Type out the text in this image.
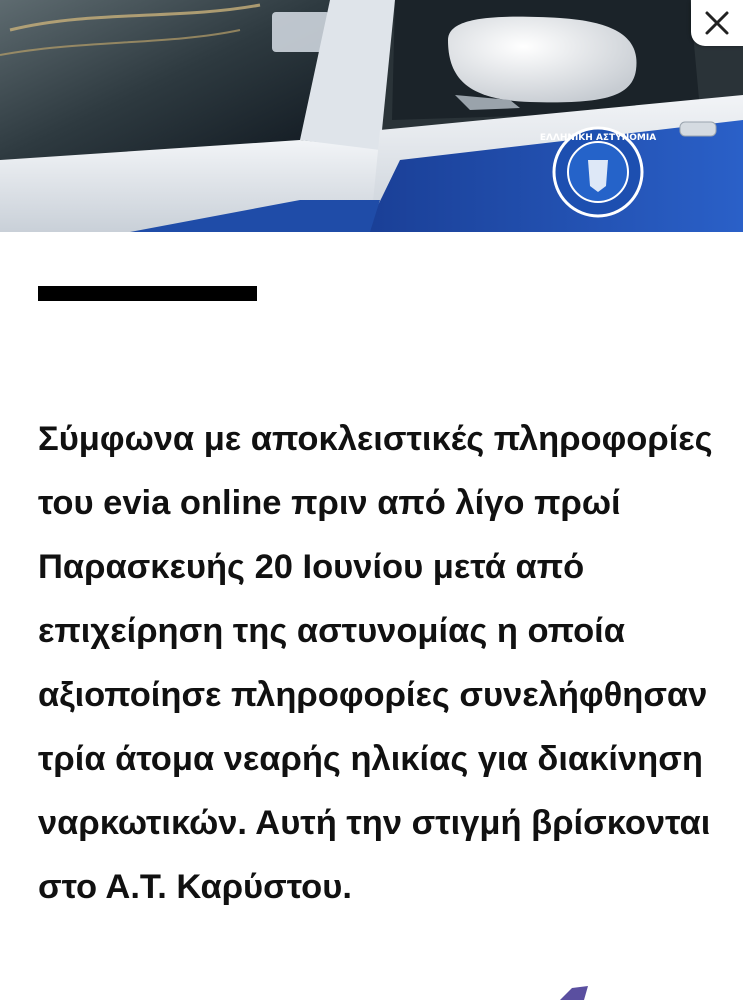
ΕΛΛΗΝΙΚΗ ΑΣΤΥΝΟΜΙΑ

Σύμφωνα με αποκλειστικές πληροφορίες του evia online πριν από λίγο πρωί Παρασκευής 20 Ιουνίου μετά από επιχείρηση της αστυνομίας η οποία αξιοποίησε πληροφορίες συνελήφθησαν τρία άτομα νεαρής ηλικίας για διακίνηση ναρκωτικών. Αυτή την στιγμή βρίσκονται στο Α.Τ. Καρύστου.
